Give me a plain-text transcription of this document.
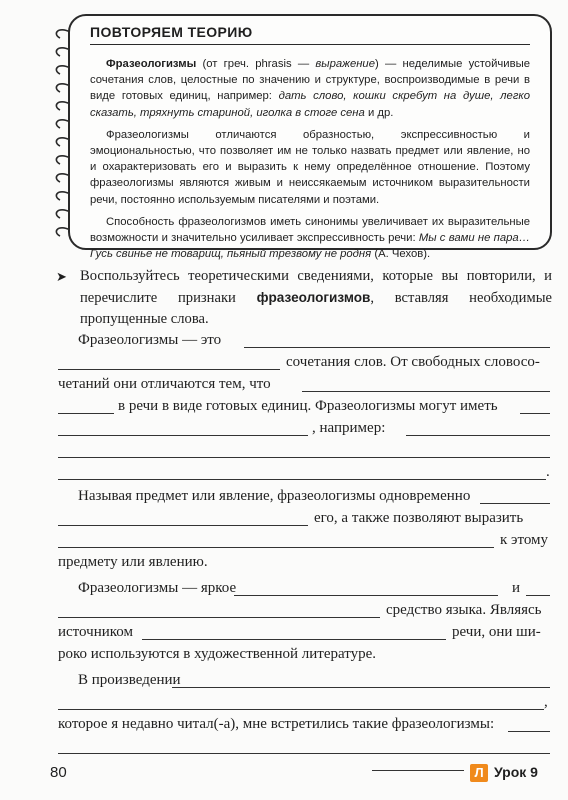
ПОВТОРЯЕМ ТЕОРИЮ

Фразеологизмы (от греч. phrasis — выражение) — неделимые устойчивые сочетания слов, целостные по значению и структуре, воспроизводимые в речи в виде готовых единиц, например: дать слово, кошки скребут на душе, легко сказать, тряхнуть стариной, иголка в стоге сена и др.

Фразеологизмы отличаются образностью, экспрессивностью и эмоциональностью, что позволяет им не только назвать предмет или явление, но и охарактеризовать его и выразить к нему определённое отношение. Поэтому фразеологизмы являются живым и неиссякаемым источником выразительности речи, постоянно используемым писателями и поэтами.

Способность фразеологизмов иметь синонимы увеличивает их выразительные возможности и значительно усиливает экспрессивность речи: Мы с вами не пара… Гусь свинье не товарищ, пьяный трезвому не родня (А. Чехов).

➤ Воспользуйтесь теоретическими сведениями, которые вы повторили, и перечислите признаки фразеологизмов, вставляя необходимые пропущенные слова.
Фразеологизмы — это
сочетания слов. От свободных словосо-
четаний они отличаются тем, что
в речи в виде готовых единиц. Фразеологизмы могут иметь
, например:
.
Называя предмет или явление, фразеологизмы одновременно
его, а также позволяют выразить
к этому
предмету или явлению.
Фразеологизмы — яркое	и
средство языка. Являясь
источником	речи, они ши-
роко используются в художественной литературе.
В произведении
,
которое я недавно читал(-а), мне встретились такие фразеологизмы:
80	Л Урок 9
